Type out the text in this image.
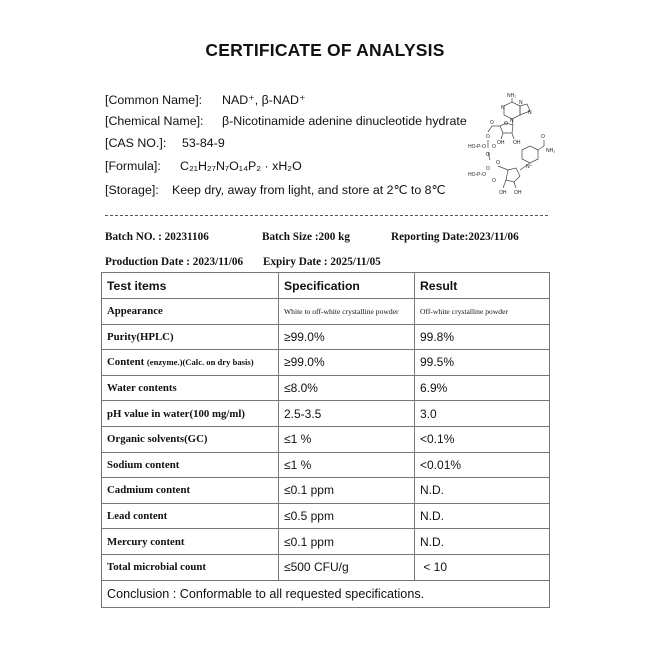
CERTIFICATE OF ANALYSIS
[Common Name]: NAD⁺, β-NAD⁺
[Chemical Name]: β-Nicotinamide adenine dinucleotide hydrate
[CAS NO.]: 53-84-9
[Formula]: C₂₁H₂₇N₇O₁₄P₂ · xH₂O
[Storage]: Keep dry, away from light, and store at 2℃ to 8℃
NH₂
N
N
N
N
O
O
HO-P-O
O
O
OH
OH
O
O
HO-P-O
O
O
NH₂
O
N⁺
OH
OH
Batch NO. : 20231106	Batch Size :200 kg	Reporting Date:2023/11/06
Production Date : 2023/11/06 Expiry Date : 2025/11/05
Test items	Specification	Result
Appearance	White to off-white crystalline powder	Off-white crystalline powder
Purity(HPLC)	≥99.0%	99.8%
Content (enzyme.)(Calc. on dry basis)	≥99.0%	99.5%
Water contents	≤8.0%	6.9%
pH value in water(100 mg/ml)	2.5-3.5	3.0
Organic solvents(GC)	≤1 %	<0.1%
Sodium content	≤1 %	<0.01%
Cadmium content	≤0.1 ppm	N.D.
Lead content	≤0.5 ppm	N.D.
Mercury content	≤0.1 ppm	N.D.
Total microbial count	≤500 CFU/g	< 10
Conclusion : Conformable to all requested specifications.		
